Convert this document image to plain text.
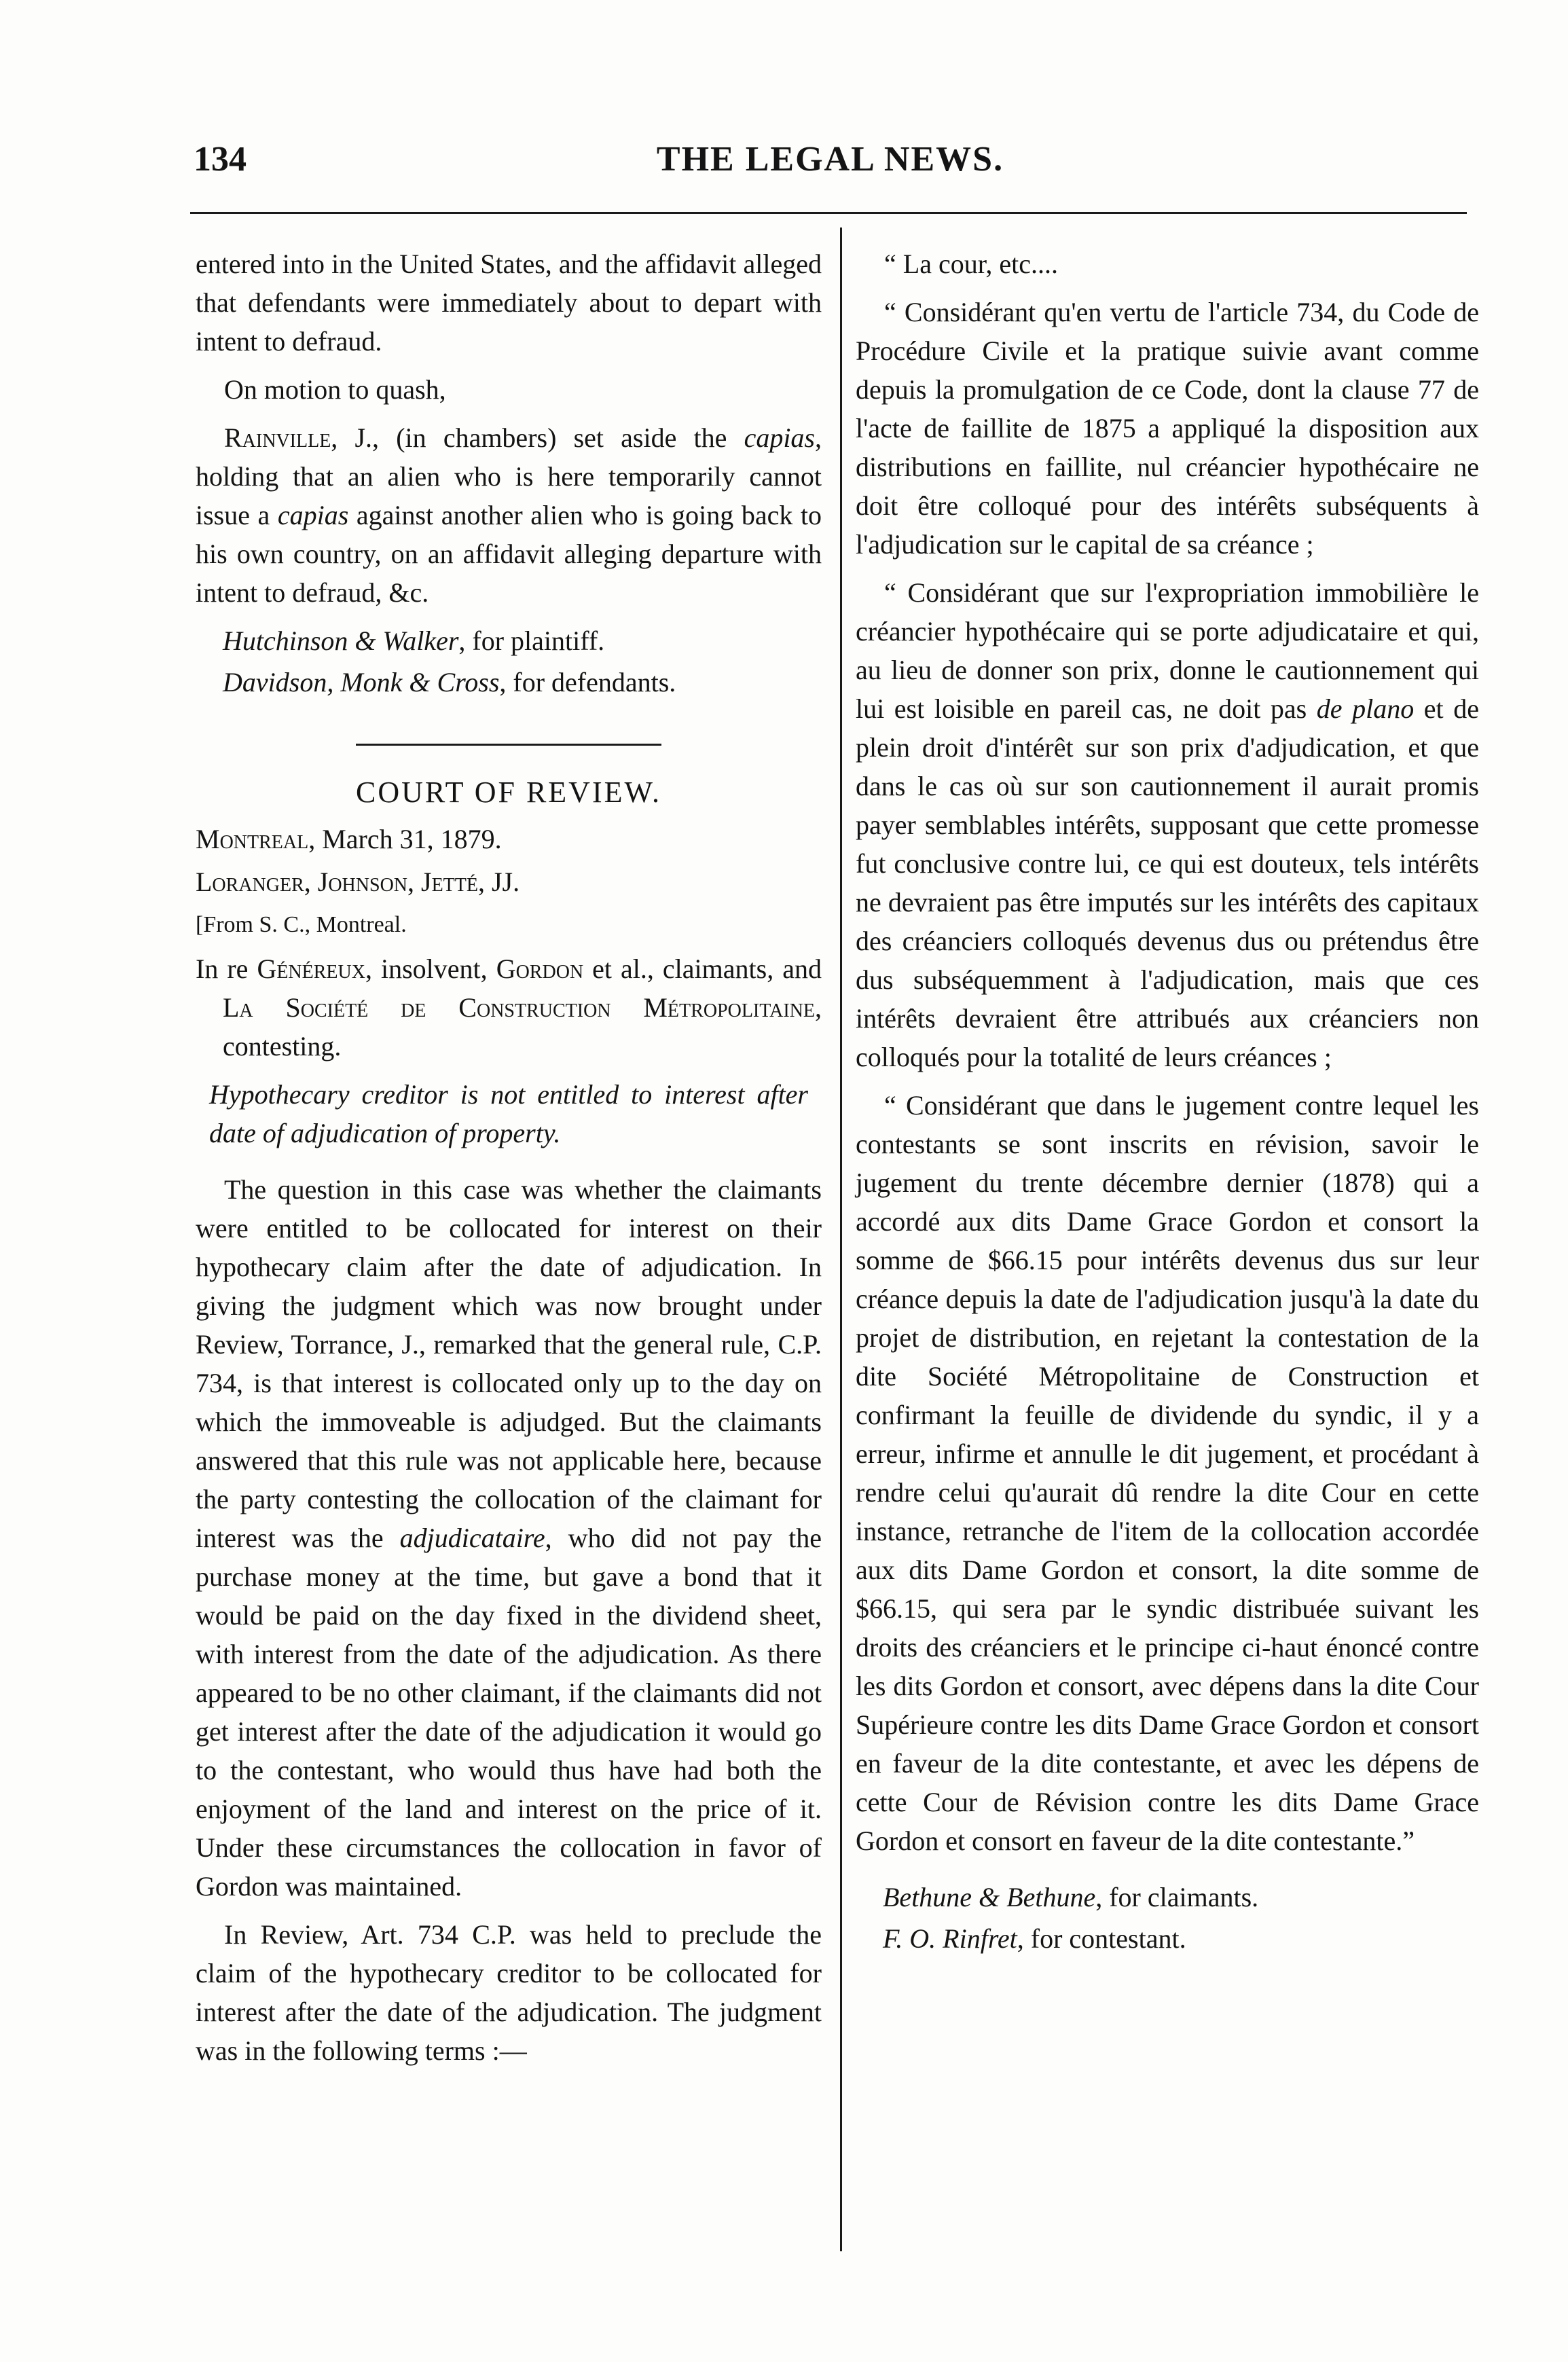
134	THE LEGAL NEWS.

entered into in the United States, and the affidavit alleged that defendants were immediately about to depart with intent to defraud.

On motion to quash,

Rainville, J., (in chambers) set aside the capias, holding that an alien who is here temporarily cannot issue a capias against another alien who is going back to his own country, on an affidavit alleging departure with intent to defraud, &c.

Hutchinson & Walker, for plaintiff.

Davidson, Monk & Cross, for defendants.

COURT OF REVIEW.

Montreal, March 31, 1879.

Loranger, Johnson, Jetté, JJ.

[From S. C., Montreal.

In re Généreux, insolvent, Gordon et al., claimants, and La Société de Construction Métropolitaine, contesting.

Hypothecary creditor is not entitled to interest after date of adjudication of property.

The question in this case was whether the claimants were entitled to be collocated for interest on their hypothecary claim after the date of adjudication. In giving the judgment which was now brought under Review, Torrance, J., remarked that the general rule, C.P. 734, is that interest is collocated only up to the day on which the immoveable is adjudged. But the claimants answered that this rule was not applicable here, because the party contesting the collocation of the claimant for interest was the adjudicataire, who did not pay the purchase money at the time, but gave a bond that it would be paid on the day fixed in the dividend sheet, with interest from the date of the adjudication. As there appeared to be no other claimant, if the claimants did not get interest after the date of the adjudication it would go to the contestant, who would thus have had both the enjoyment of the land and interest on the price of it. Under these circumstances the collocation in favor of Gordon was maintained.

In Review, Art. 734 C.P. was held to preclude the claim of the hypothecary creditor to be collocated for interest after the date of the adjudication. The judgment was in the following terms :—

“ La cour, etc....

“ Considérant qu'en vertu de l'article 734, du Code de Procédure Civile et la pratique suivie avant comme depuis la promulgation de ce Code, dont la clause 77 de l'acte de faillite de 1875 a appliqué la disposition aux distributions en faillite, nul créancier hypothécaire ne doit être colloqué pour des intérêts subséquents à l'adjudication sur le capital de sa créance ;

“ Considérant que sur l'expropriation immobilière le créancier hypothécaire qui se porte adjudicataire et qui, au lieu de donner son prix, donne le cautionnement qui lui est loisible en pareil cas, ne doit pas de plano et de plein droit d'intérêt sur son prix d'adjudication, et que dans le cas où sur son cautionnement il aurait promis payer semblables intérêts, supposant que cette promesse fut conclusive contre lui, ce qui est douteux, tels intérêts ne devraient pas être imputés sur les intérêts des capitaux des créanciers colloqués devenus dus ou prétendus être dus subséquemment à l'adjudication, mais que ces intérêts devraient être attribués aux créanciers non colloqués pour la totalité de leurs créances ;

“ Considérant que dans le jugement contre lequel les contestants se sont inscrits en révision, savoir le jugement du trente décembre dernier (1878) qui a accordé aux dits Dame Grace Gordon et consort la somme de $66.15 pour intérêts devenus dus sur leur créance depuis la date de l'adjudication jusqu'à la date du projet de distribution, en rejetant la contestation de la dite Société Métropolitaine de Construction et confirmant la feuille de dividende du syndic, il y a erreur, infirme et annulle le dit jugement, et procédant à rendre celui qu'aurait dû rendre la dite Cour en cette instance, retranche de l'item de la collocation accordée aux dits Dame Gordon et consort, la dite somme de $66.15, qui sera par le syndic distribuée suivant les droits des créanciers et le principe ci-haut énoncé contre les dits Gordon et consort, avec dépens dans la dite Cour Supérieure contre les dits Dame Grace Gordon et consort en faveur de la dite contestante, et avec les dépens de cette Cour de Révision contre les dits Dame Grace Gordon et consort en faveur de la dite contestante.”

Bethune & Bethune, for claimants.

F. O. Rinfret, for contestant.
